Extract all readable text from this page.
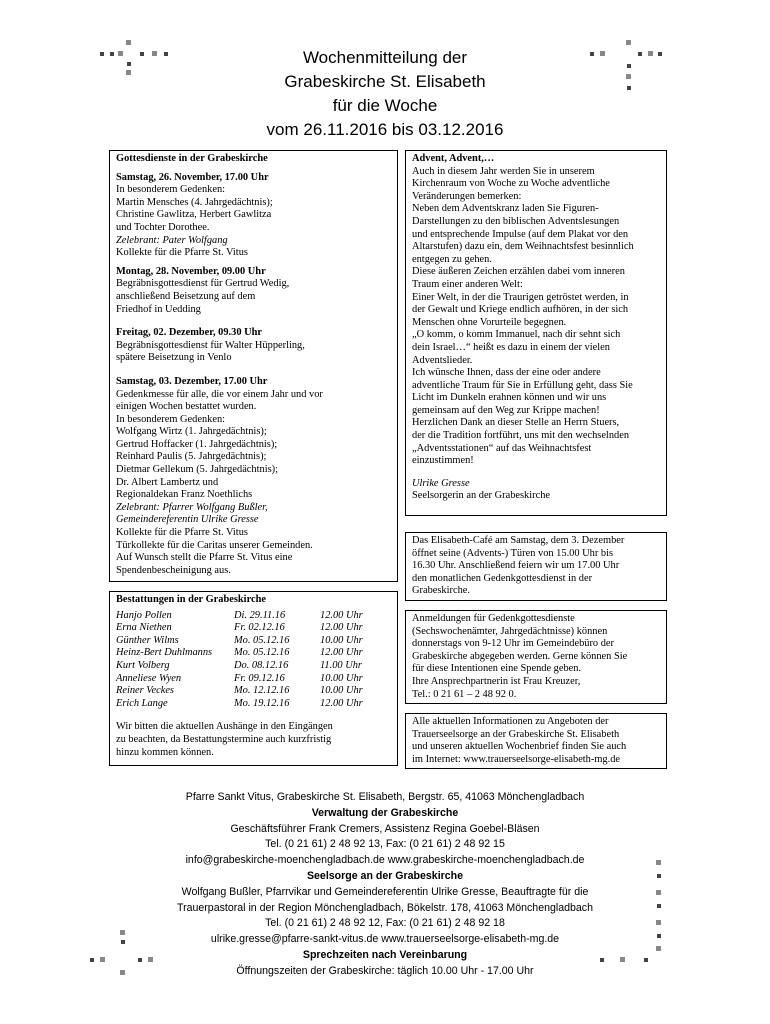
Wochenmitteilung der
Grabeskirche St. Elisabeth
für die Woche
vom 26.11.2016 bis 03.12.2016

Gottesdienste in der Grabeskirche

Samstag, 26. November, 17.00 Uhr

In besonderem Gedenken:

Martin Mensches (4. Jahrgedächtnis);

Christine Gawlitza, Herbert Gawlitza

und Tochter Dorothee.

Zelebrant: Pater Wolfgang

Kollekte für die Pfarre St. Vitus

Montag, 28. November, 09.00 Uhr

Begräbnisgottesdienst für Gertrud Wedig,

anschließend Beisetzung auf dem

Friedhof in Uedding

Freitag, 02. Dezember, 09.30 Uhr

Begräbnisgottesdienst für Walter Hüpperling,

spätere Beisetzung in Venlo

Samstag, 03. Dezember, 17.00 Uhr

Gedenkmesse für alle, die vor einem Jahr und vor

einigen Wochen bestattet wurden.

In besonderem Gedenken:

Wolfgang Wirtz (1. Jahrgedächtnis);

Gertrud Hoffacker (1. Jahrgedächtnis);

Reinhard Paulis (5. Jahrgedächtnis);

Dietmar Gellekum (5. Jahrgedächtnis);

Dr. Albert Lambertz und

Regionaldekan Franz Noethlichs

Zelebrant: Pfarrer Wolfgang Bußler,

Gemeindereferentin Ulrike Gresse

Kollekte für die Pfarre St. Vitus

Türkollekte für die Caritas unserer Gemeinden.

Auf Wunsch stellt die Pfarre St. Vitus eine

Spendenbescheinigung aus.

Bestattungen in der Grabeskirche

Hanjo Pollen	Di. 29.11.16	12.00 Uhr
Erna Niethen	Fr. 02.12.16	12.00 Uhr
Günther Wilms	Mo. 05.12.16	10.00 Uhr
Heinz-Bert Duhlmanns	Mo. 05.12.16	12.00 Uhr
Kurt Volberg	Do. 08.12.16	11.00 Uhr
Anneliese Wyen	Fr. 09.12.16	10.00 Uhr
Reiner Veckes	Mo. 12.12.16	10.00 Uhr
Erich Lange	Mo. 19.12.16	12.00 Uhr

Wir bitten die aktuellen Aushänge in den Eingängen

zu beachten, da Bestattungstermine auch kurzfristig

hinzu kommen können.

Advent, Advent,…

Auch in diesem Jahr werden Sie in unserem

Kirchenraum von Woche zu Woche adventliche

Veränderungen bemerken:

Neben dem Adventskranz laden Sie Figuren-

Darstellungen zu den biblischen Adventslesungen

und entsprechende Impulse (auf dem Plakat vor den

Altarstufen) dazu ein, dem Weihnachtsfest besinnlich

entgegen zu gehen.

Diese äußeren Zeichen erzählen dabei vom inneren

Traum einer anderen Welt:

Einer Welt, in der die Traurigen getröstet werden, in

der Gewalt und Kriege endlich aufhören, in der sich

Menschen ohne Vorurteile begegnen.

„O komm, o komm Immanuel, nach dir sehnt sich

dein Israel…“ heißt es dazu in einem der vielen

Adventslieder.

Ich wünsche Ihnen, dass der eine oder andere

adventliche Traum für Sie in Erfüllung geht, dass Sie

Licht im Dunkeln erahnen können und wir uns

gemeinsam auf den Weg zur Krippe machen!

Herzlichen Dank an dieser Stelle an Herrn Stuers,

der die Tradition fortführt, uns mit den wechselnden

„Adventsstationen“ auf das Weihnachtsfest

einzustimmen!

Ulrike Gresse

Seelsorgerin an der Grabeskirche

Das Elisabeth-Café am Samstag, dem 3. Dezember

öffnet seine (Advents-) Türen von 15.00 Uhr bis

16.30 Uhr. Anschließend feiern wir um 17.00 Uhr

den monatlichen Gedenkgottesdienst in der

Grabeskirche.

Anmeldungen für Gedenkgottesdienste

(Sechswochenämter, Jahrgedächtnisse) können

donnerstags von 9-12 Uhr im Gemeindebüro der

Grabeskirche abgegeben werden. Gerne können Sie

für diese Intentionen eine Spende geben.

Ihre Ansprechpartnerin ist Frau Kreuzer,

Tel.: 0 21 61 – 2 48 92 0.

Alle aktuellen Informationen zu Angeboten der

Trauerseelsorge an der Grabeskirche St. Elisabeth

und unseren aktuellen Wochenbrief finden Sie auch

im Internet: www.trauerseelsorge-elisabeth-mg.de

Pfarre Sankt Vitus, Grabeskirche St. Elisabeth, Bergstr. 65, 41063 Mönchengladbach
Verwaltung der Grabeskirche
Geschäftsführer Frank Cremers, Assistenz Regina Goebel-Bläsen
Tel. (0 21 61) 2 48 92 13, Fax: (0 21 61) 2 48 92 15
info@grabeskirche-moenchengladbach.de www.grabeskirche-moenchengladbach.de
Seelsorge an der Grabeskirche
Wolfgang Bußler, Pfarrvikar und Gemeindereferentin Ulrike Gresse, Beauftragte für die
Trauerpastoral in der Region Mönchengladbach, Bökelstr. 178, 41063 Mönchengladbach
Tel. (0 21 61) 2 48 92 12, Fax: (0 21 61) 2 48 92 18
ulrike.gresse@pfarre-sankt-vitus.de www.trauerseelsorge-elisabeth-mg.de
Sprechzeiten nach Vereinbarung
Öffnungszeiten der Grabeskirche: täglich 10.00 Uhr - 17.00 Uhr
